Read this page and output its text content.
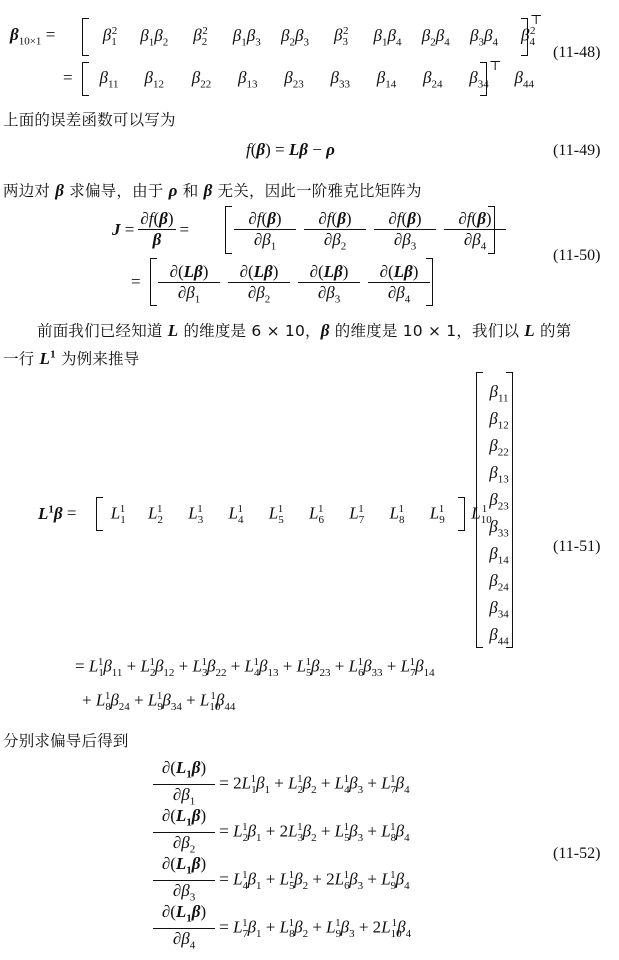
$\beta_{10\times 1}$ =	$\beta_1^2$ $\beta_1\beta_2$ $\beta_2^2$ $\beta_1\beta_3$ $\beta_2\beta_3$ $\beta_3^2$ $\beta_1\beta_4$ $\beta_2\beta_4$ $\beta_3\beta_4$ $\beta_4^2$
⊤
=	$\beta_{11}$ $\beta_{12}$ $\beta_{22}$ $\beta_{13}$ $\beta_{23}$ $\beta_{33}$ $\beta_{14}$ $\beta_{24}$ $\beta_{34}$ $\beta_{44}$
⊤
(11-48)
上面的误差函数可以写为
f(β) = Lβ − ρ	(11-49)
两边对 β 求偏导，由于 ρ 和 β 无关，因此一阶雅克比矩阵为
$J = \frac{\partial f(\beta)}{\beta}$ =	$\frac{\partial f(\beta)}{\partial\beta_1} \frac{\partial f(\beta)}{\partial\beta_2} \frac{\partial f(\beta)}{\partial\beta_3} \frac{\partial f(\beta)}{\partial\beta_4}$
= $\frac{\partial(L\beta)}{\partial\beta_1} \frac{\partial(L\beta)}{\partial\beta_2} \frac{\partial(L\beta)}{\partial\beta_3} \frac{\partial(L\beta)}{\partial\beta_4}$
(11-50)
前面我们已经知道 L 的维度是 6 × 10，β 的维度是 10 × 1，我们以 L 的第
一行 $L^1$ 为例来推导
$L^1\beta$ =	$L_1^1$ $L_2^1$ $L_3^1$ $L_4^1$ $L_5^1$ $L_6^1$ $L_7^1$ $L_8^1$ $L_9^1$ $L_{10}^1$
$\beta_{11}$
$\beta_{12}$
$\beta_{22}$
$\beta_{13}$
$\beta_{23}$
$\beta_{33}$
$\beta_{14}$
$\beta_{24}$
$\beta_{34}$
$\beta_{44}$
(11-51)
= $L_1^1\beta_{11} + L_2^1\beta_{12} + L_3^1\beta_{22} + L_4^1\beta_{13} + L_5^1\beta_{23} + L_6^1\beta_{33} + L_7^1\beta_{14}$
+ $L_8^1\beta_{24} + L_9^1\beta_{34} + L_{10}^1\beta_{44}$
分别求偏导后得到
$\frac{\partial(L_1\beta)}{\partial\beta_1} = 2L_1^1\beta_1 + L_2^1\beta_2 + L_4^1\beta_3 + L_7^1\beta_4$
$\frac{\partial(L_1\beta)}{\partial\beta_2} = L_2^1\beta_1 + 2L_3^1\beta_2 + L_5^1\beta_3 + L_8^1\beta_4$
$\frac{\partial(L_1\beta)}{\partial\beta_3} = L_4^1\beta_1 + L_5^1\beta_2 + 2L_6^1\beta_3 + L_9^1\beta_4$
$\frac{\partial(L_1\beta)}{\partial\beta_4} = L_7^1\beta_1 + L_8^1\beta_2 + L_9^1\beta_3 + 2L_{10}^1\beta_4$
(11-52)
